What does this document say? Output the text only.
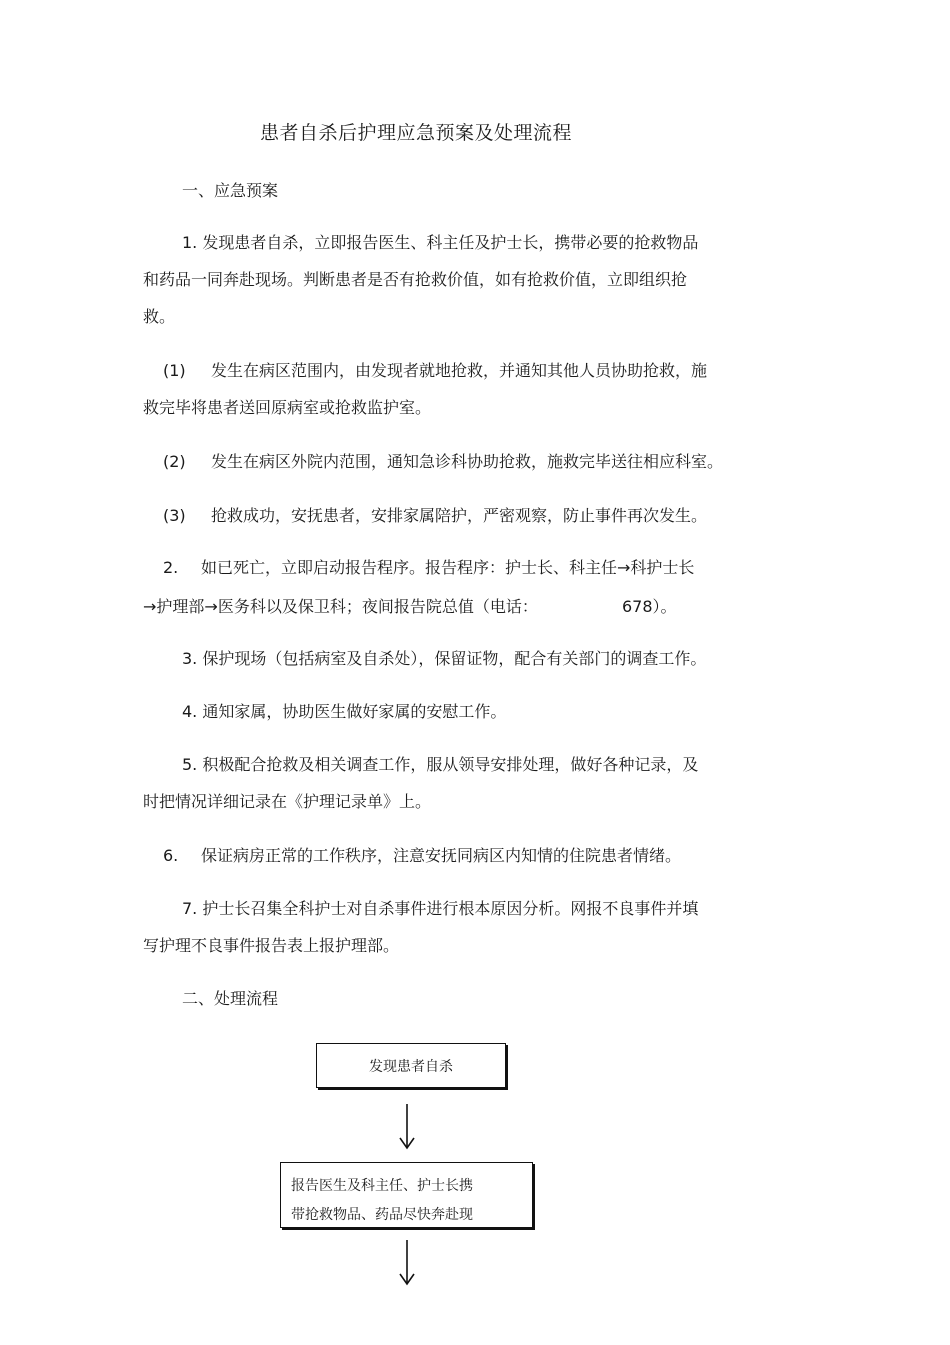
患者自杀后护理应急预案及处理流程
一、应急预案
1. 发现患者自杀，立即报告医生、科主任及护士长，携带必要的抢救物品
和药品一同奔赴现场。判断患者是否有抢救价值，如有抢救价值，立即组织抢
救。
(1) 发生在病区范围内，由发现者就地抢救，并通知其他人员协助抢救，施
救完毕将患者送回原病室或抢救监护室。
(2) 发生在病区外院内范围，通知急诊科协助抢救，施救完毕送往相应科室。
(3) 抢救成功，安抚患者，安排家属陪护，严密观察，防止事件再次发生。
2. 如已死亡，立即启动报告程序。报告程序：护士长、科主任→科护士长
→护理部→医务科以及保卫科；夜间报告院总值（电话：	678）。
3. 保护现场（包括病室及自杀处），保留证物，配合有关部门的调查工作。
4. 通知家属，协助医生做好家属的安慰工作。
5. 积极配合抢救及相关调查工作，服从领导安排处理，做好各种记录，及
时把情况详细记录在《护理记录单》上。
6. 保证病房正常的工作秩序，注意安抚同病区内知情的住院患者情绪。
7. 护士长召集全科护士对自杀事件进行根本原因分析。网报不良事件并填
写护理不良事件报告表上报护理部。
二、处理流程
发现患者自杀
报告医生及科主任、护士长携
带抢救物品、药品尽快奔赴现
